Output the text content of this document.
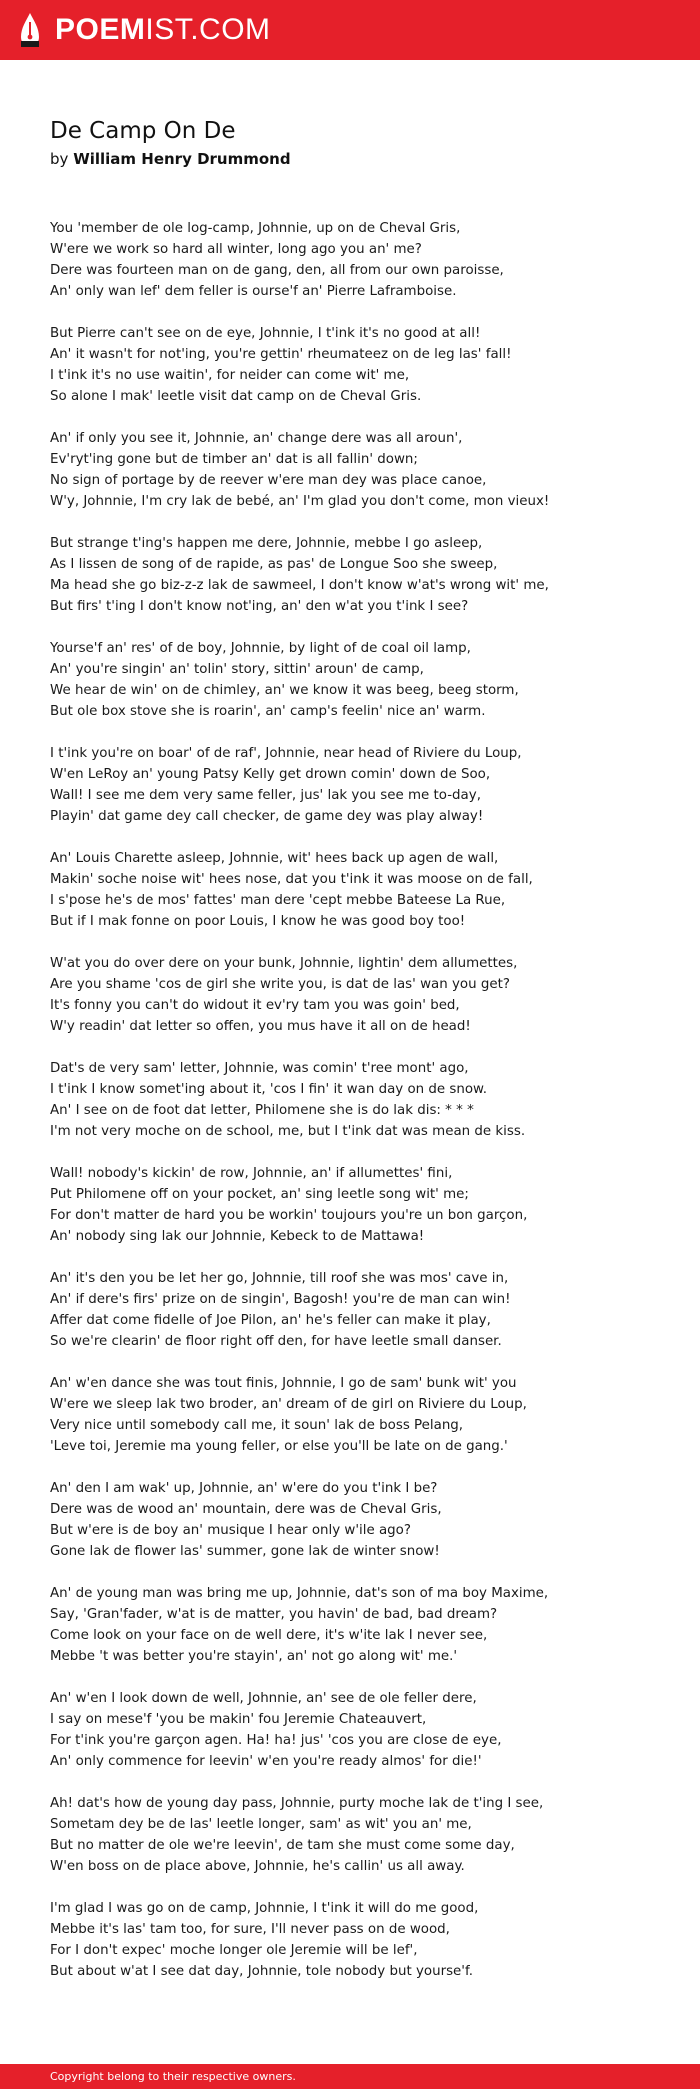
POEMIST.COM
De Camp On De
by William Henry Drummond
You 'member de ole log-camp, Johnnie, up on de Cheval Gris,
W'ere we work so hard all winter, long ago you an' me?
Dere was fourteen man on de gang, den, all from our own paroisse,
An' only wan lef' dem feller is ourse'f an' Pierre Laframboise.
But Pierre can't see on de eye, Johnnie, I t'ink it's no good at all!
An' it wasn't for not'ing, you're gettin' rheumateez on de leg las' fall!
I t'ink it's no use waitin', for neider can come wit' me,
So alone I mak' leetle visit dat camp on de Cheval Gris.
An' if only you see it, Johnnie, an' change dere was all aroun',
Ev'ryt'ing gone but de timber an' dat is all fallin' down;
No sign of portage by de reever w'ere man dey was place canoe,
W'y, Johnnie, I'm cry lak de bebé, an' I'm glad you don't come, mon vieux!
But strange t'ing's happen me dere, Johnnie, mebbe I go asleep,
As I lissen de song of de rapide, as pas' de Longue Soo she sweep,
Ma head she go biz-z-z lak de sawmeel, I don't know w'at's wrong wit' me,
But firs' t'ing I don't know not'ing, an' den w'at you t'ink I see?
Yourse'f an' res' of de boy, Johnnie, by light of de coal oil lamp,
An' you're singin' an' tolin' story, sittin' aroun' de camp,
We hear de win' on de chimley, an' we know it was beeg, beeg storm,
But ole box stove she is roarin', an' camp's feelin' nice an' warm.
I t'ink you're on boar' of de raf', Johnnie, near head of Riviere du Loup,
W'en LeRoy an' young Patsy Kelly get drown comin' down de Soo,
Wall! I see me dem very same feller, jus' lak you see me to-day,
Playin' dat game dey call checker, de game dey was play alway!
An' Louis Charette asleep, Johnnie, wit' hees back up agen de wall,
Makin' soche noise wit' hees nose, dat you t'ink it was moose on de fall,
I s'pose he's de mos' fattes' man dere 'cept mebbe Bateese La Rue,
But if I mak fonne on poor Louis, I know he was good boy too!
W'at you do over dere on your bunk, Johnnie, lightin' dem allumettes,
Are you shame 'cos de girl she write you, is dat de las' wan you get?
It's fonny you can't do widout it ev'ry tam you was goin' bed,
W'y readin' dat letter so offen, you mus have it all on de head!
Dat's de very sam' letter, Johnnie, was comin' t'ree mont' ago,
I t'ink I know somet'ing about it, 'cos I fin' it wan day on de snow.
An' I see on de foot dat letter, Philomene she is do lak dis: * * *
I'm not very moche on de school, me, but I t'ink dat was mean de kiss.
Wall! nobody's kickin' de row, Johnnie, an' if allumettes' fini,
Put Philomene off on your pocket, an' sing leetle song wit' me;
For don't matter de hard you be workin' toujours you're un bon garçon,
An' nobody sing lak our Johnnie, Kebeck to de Mattawa!
An' it's den you be let her go, Johnnie, till roof she was mos' cave in,
An' if dere's firs' prize on de singin', Bagosh! you're de man can win!
Affer dat come fidelle of Joe Pilon, an' he's feller can make it play,
So we're clearin' de floor right off den, for have leetle small danser.
An' w'en dance she was tout finis, Johnnie, I go de sam' bunk wit' you
W'ere we sleep lak two broder, an' dream of de girl on Riviere du Loup,
Very nice until somebody call me, it soun' lak de boss Pelang,
'Leve toi, Jeremie ma young feller, or else you'll be late on de gang.'
An' den I am wak' up, Johnnie, an' w'ere do you t'ink I be?
Dere was de wood an' mountain, dere was de Cheval Gris,
But w'ere is de boy an' musique I hear only w'ile ago?
Gone lak de flower las' summer, gone lak de winter snow!
An' de young man was bring me up, Johnnie, dat's son of ma boy Maxime,
Say, 'Gran'fader, w'at is de matter, you havin' de bad, bad dream?
Come look on your face on de well dere, it's w'ite lak I never see,
Mebbe 't was better you're stayin', an' not go along wit' me.'
An' w'en I look down de well, Johnnie, an' see de ole feller dere,
I say on mese'f 'you be makin' fou Jeremie Chateauvert,
For t'ink you're garçon agen. Ha! ha! jus' 'cos you are close de eye,
An' only commence for leevin' w'en you're ready almos' for die!'
Ah! dat's how de young day pass, Johnnie, purty moche lak de t'ing I see,
Sometam dey be de las' leetle longer, sam' as wit' you an' me,
But no matter de ole we're leevin', de tam she must come some day,
W'en boss on de place above, Johnnie, he's callin' us all away.
I'm glad I was go on de camp, Johnnie, I t'ink it will do me good,
Mebbe it's las' tam too, for sure, I'll never pass on de wood,
For I don't expec' moche longer ole Jeremie will be lef',
But about w'at I see dat day, Johnnie, tole nobody but yourse'f.
Copyright belong to their respective owners.
